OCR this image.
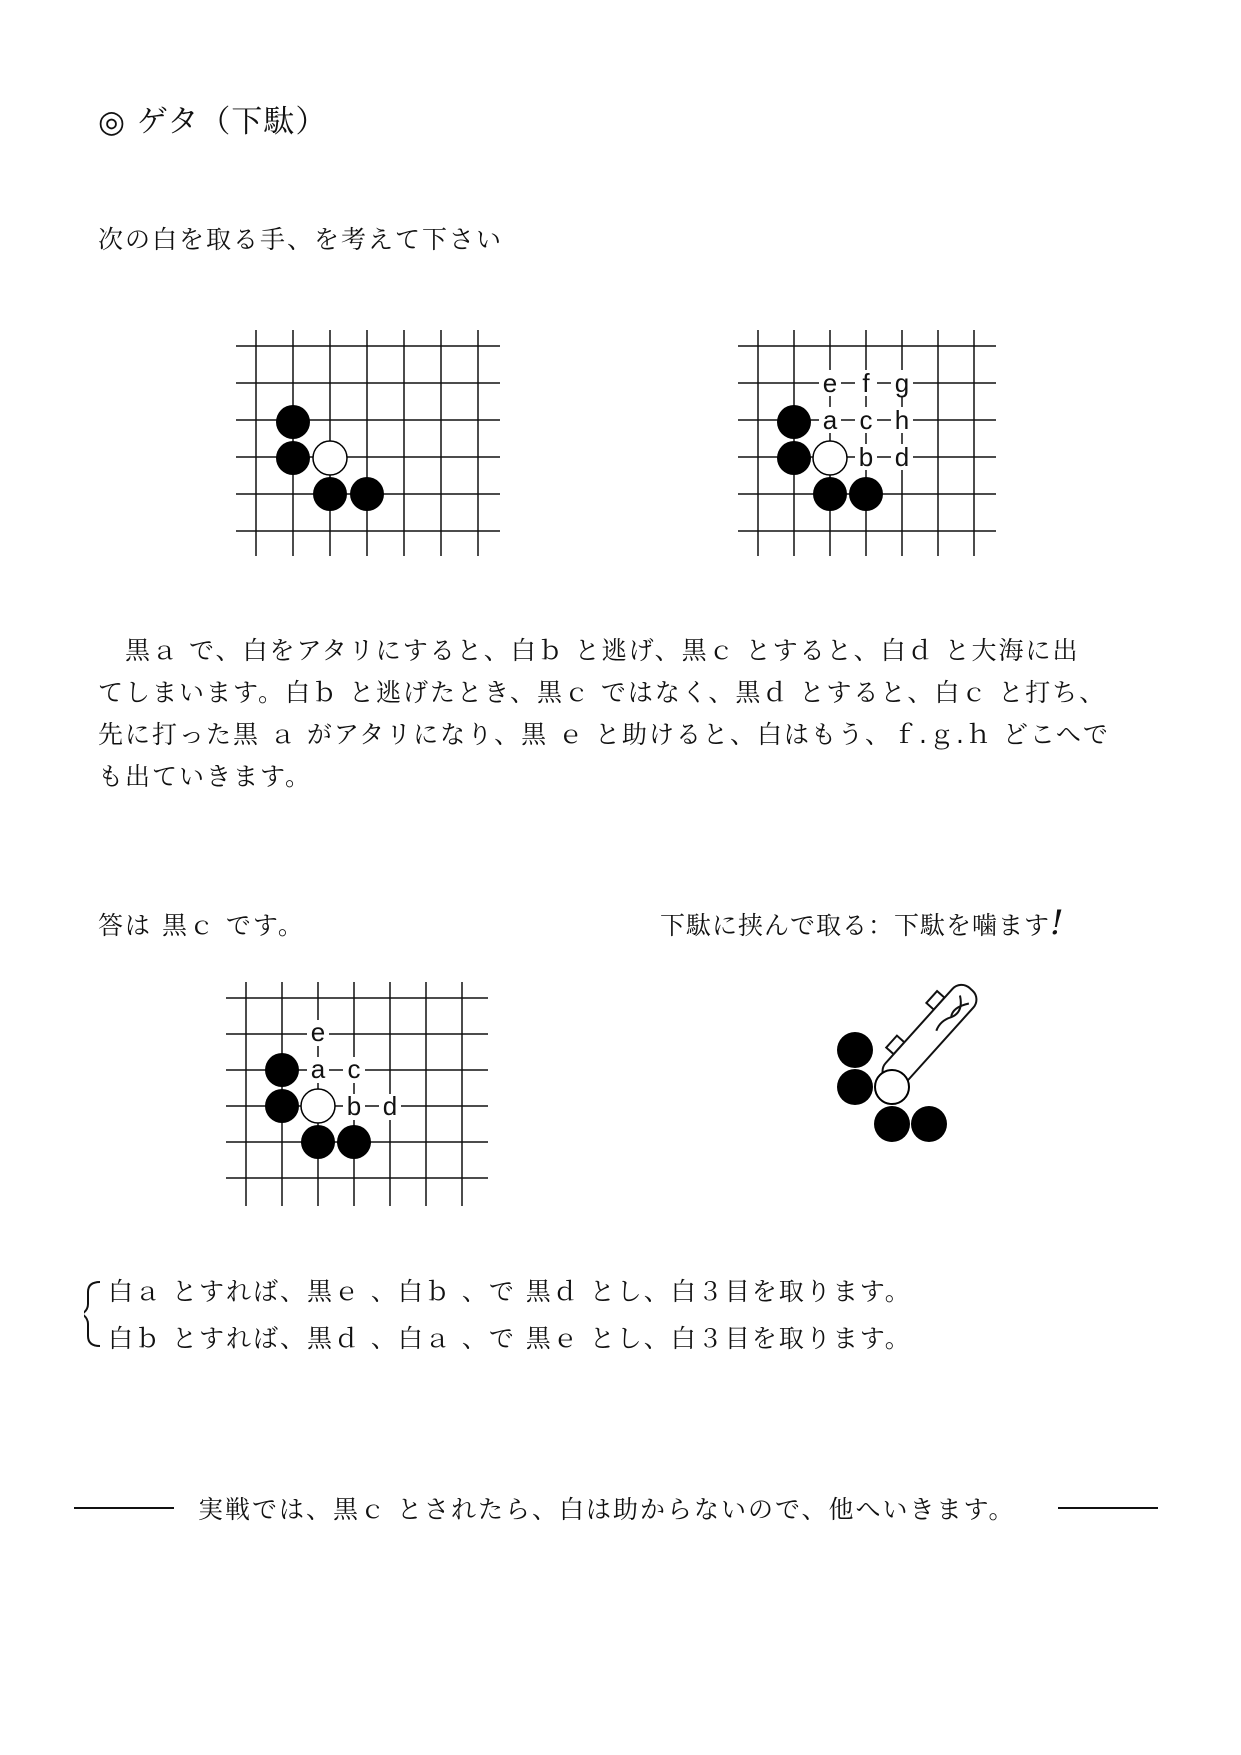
◎ ゲタ（下駄）
次の白を取る手、を考えて下さい
e f g
a c h
b d

　黒ａ で、白をアタリにすると、白ｂ と逃げ、黒ｃ とすると、白ｄ と大海に出

てしまいます。白ｂ と逃げたとき、黒ｃ ではなく、黒ｄ とすると、白ｃ と打ち、

先に打った黒 ａ がアタリになり、黒 ｅ と助けると、白はもう、ｆ.ｇ.ｈ どこへで

も出ていきます。

答は 黒ｃ です。	下駄に挟んで取る：下駄を噛ます!
e
a c
b d

白ａ とすれば、黒ｅ 、白ｂ 、で 黒ｄ とし、白３目を取ります。

白ｂ とすれば、黒ｄ 、白ａ 、で 黒ｅ とし、白３目を取ります。

実戦では、黒ｃ とされたら、白は助からないので、他へいきます。
